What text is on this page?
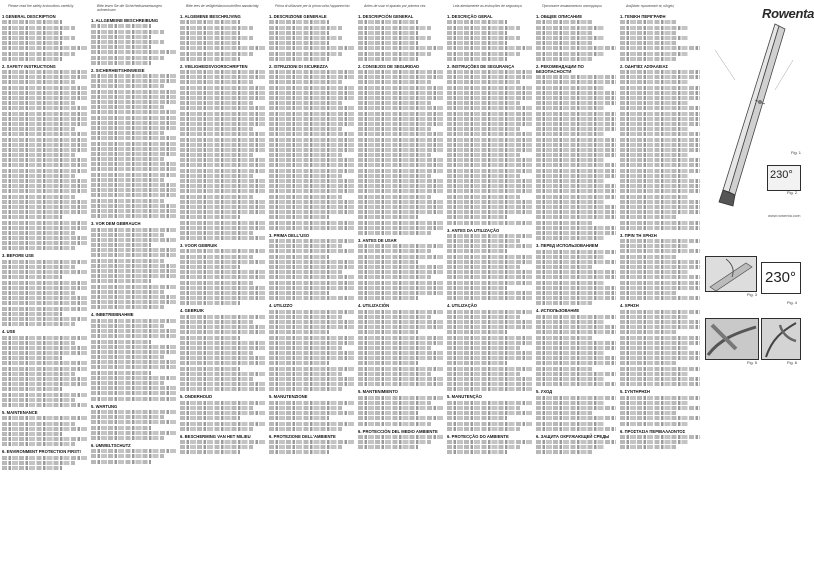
Please read the safety instructions carefully
1 GENERAL DESCRIPTION
2. SAFETY INSTRUCTIONS
3. BEFORE USE
4. USE
5. MAINTENANCE
6. ENVIRONMENT PROTECTION FIRST!
Bitte lesen Sie die Sicherheitsanweisungen aufmerksam
1. ALLGEMEINE BESCHREIBUNG
2. SICHERHEITSHINWEISE
3. VOR DEM GEBRAUCH
4. INBETRIEBNAHME
5. WARTUNG
6. UMWELTSCHUTZ
Bitte lees de veiligheidsvoorschriften aandachtig
1. ALGEMENE BESCHRIJVING
2. VEILIGHEIDSVOORSCHRIFTEN
3. VOOR GEBRUIK
4. GEBRUIK
5. ONDERHOUD
6. BESCHERMING VAN HET MILIEU
Prima di utilizzare per la prima volta l'apparecchio
1. DESCRIZIONE GENERALE
2. ISTRUZIONI DI SICUREZZA
3. PRIMA DELL'USO
4. UTILIZZO
5. MANUTENZIONE
6. PROTEZIONE DELL'AMBIENTE
Antes de usar el aparato por primera vez
1. DESCRIPCIÓN GENERAL
2. CONSEJOS DE SEGURIDAD
3. ANTES DE USAR
4. UTILIZACIÓN
5. MANTENIMIENTO
6. PROTECCIÓN DEL MEDIO AMBIENTE
Leia atentamente as instruções de segurança
1. DESCRIÇÃO GERAL
2. INSTRUÇÕES DE SEGURANÇA
3. ANTES DA UTILIZAÇÃO
4. UTILIZAÇÃO
5. MANUTENÇÃO
6. PROTECÇÃO DO AMBIENTE
Прочтите внимательно инструкции
1. ОБЩЕЕ ОПИСАНИЕ
2. РЕКОМЕНДАЦИИ ПО БЕЗОПАСНОСТИ
3. ПЕРЕД ИСПОЛЬЗОВАНИЕМ
4. ИСПОЛЬЗОВАНИЕ
5. УХОД
6. ЗАЩИТА ОКРУЖАЮЩЕЙ СРЕДЫ
Διαβάστε προσεκτικά τις οδηγίες
1. ΓΕΝΙΚΗ ΠΕΡΙΓΡΑΦΗ
2. ΟΔΗΓΙΕΣ ΑΣΦΑΛΕΙΑΣ
3. ΠΡΙΝ ΤΗ ΧΡΗΣΗ
4. ΧΡΗΣΗ
5. ΣΥΝΤΗΡΗΣΗ
6. ΠΡΟΣΤΑΣΙΑ ΠΕΡΙΒΑΛΛΟΝΤΟΣ
Fig. 1
230°
Fig. 2
Fig. 3
230°
Fig. 4
Fig. 5	Fig. 6
Rowenta
www.rowenta.com
